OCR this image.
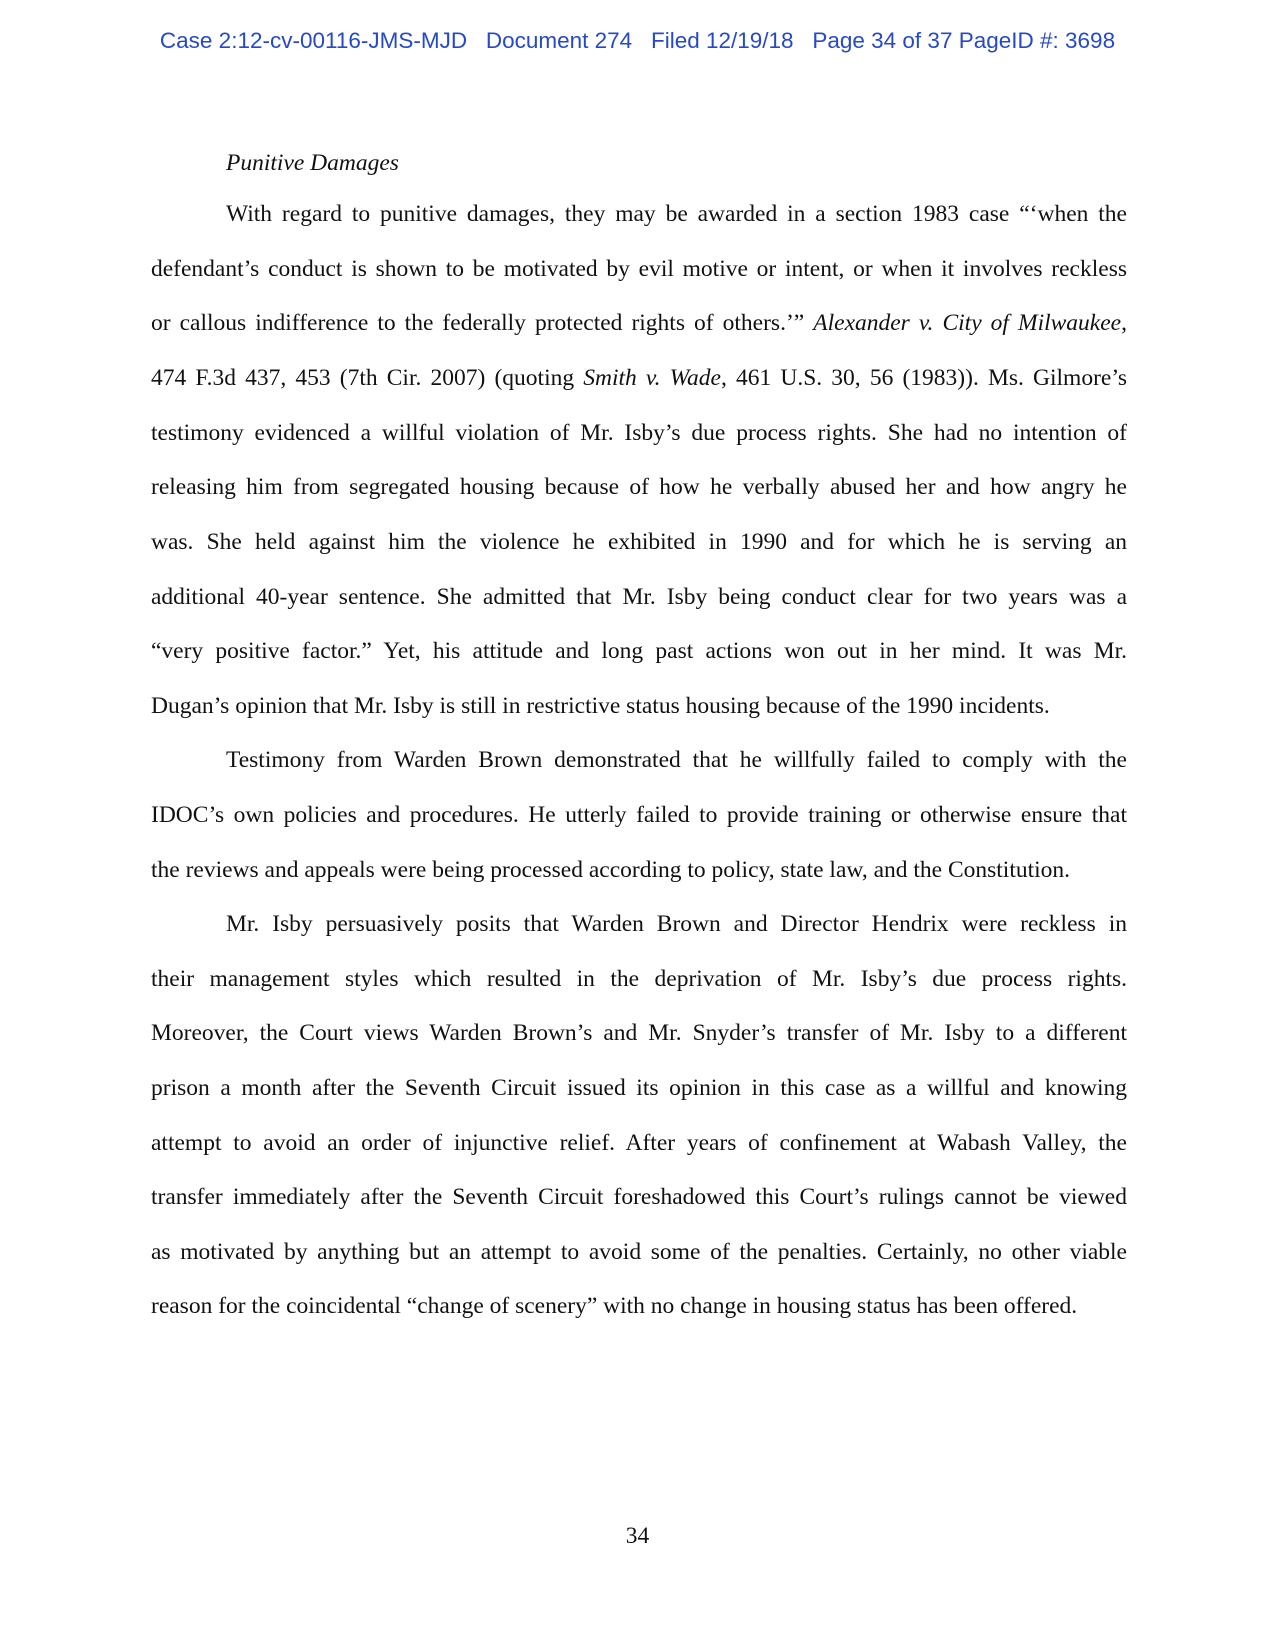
Case 2:12-cv-00116-JMS-MJD Document 274 Filed 12/19/18 Page 34 of 37 PageID #: 3698
Punitive Damages
With regard to punitive damages, they may be awarded in a section 1983 case “‘when the
defendant’s conduct is shown to be motivated by evil motive or intent, or when it involves reckless
or callous indifference to the federally protected rights of others.’” Alexander v. City of Milwaukee,
474 F.3d 437, 453 (7th Cir. 2007) (quoting Smith v. Wade, 461 U.S. 30, 56 (1983)). Ms. Gilmore’s
testimony evidenced a willful violation of Mr. Isby’s due process rights. She had no intention of
releasing him from segregated housing because of how he verbally abused her and how angry he
was. She held against him the violence he exhibited in 1990 and for which he is serving an
additional 40-year sentence. She admitted that Mr. Isby being conduct clear for two years was a
“very positive factor.” Yet, his attitude and long past actions won out in her mind. It was Mr.
Dugan’s opinion that Mr. Isby is still in restrictive status housing because of the 1990 incidents.
Testimony from Warden Brown demonstrated that he willfully failed to comply with the
IDOC’s own policies and procedures. He utterly failed to provide training or otherwise ensure that
the reviews and appeals were being processed according to policy, state law, and the Constitution.
Mr. Isby persuasively posits that Warden Brown and Director Hendrix were reckless in
their management styles which resulted in the deprivation of Mr. Isby’s due process rights.
Moreover, the Court views Warden Brown’s and Mr. Snyder’s transfer of Mr. Isby to a different
prison a month after the Seventh Circuit issued its opinion in this case as a willful and knowing
attempt to avoid an order of injunctive relief. After years of confinement at Wabash Valley, the
transfer immediately after the Seventh Circuit foreshadowed this Court’s rulings cannot be viewed
as motivated by anything but an attempt to avoid some of the penalties. Certainly, no other viable
reason for the coincidental “change of scenery” with no change in housing status has been offered.
34
